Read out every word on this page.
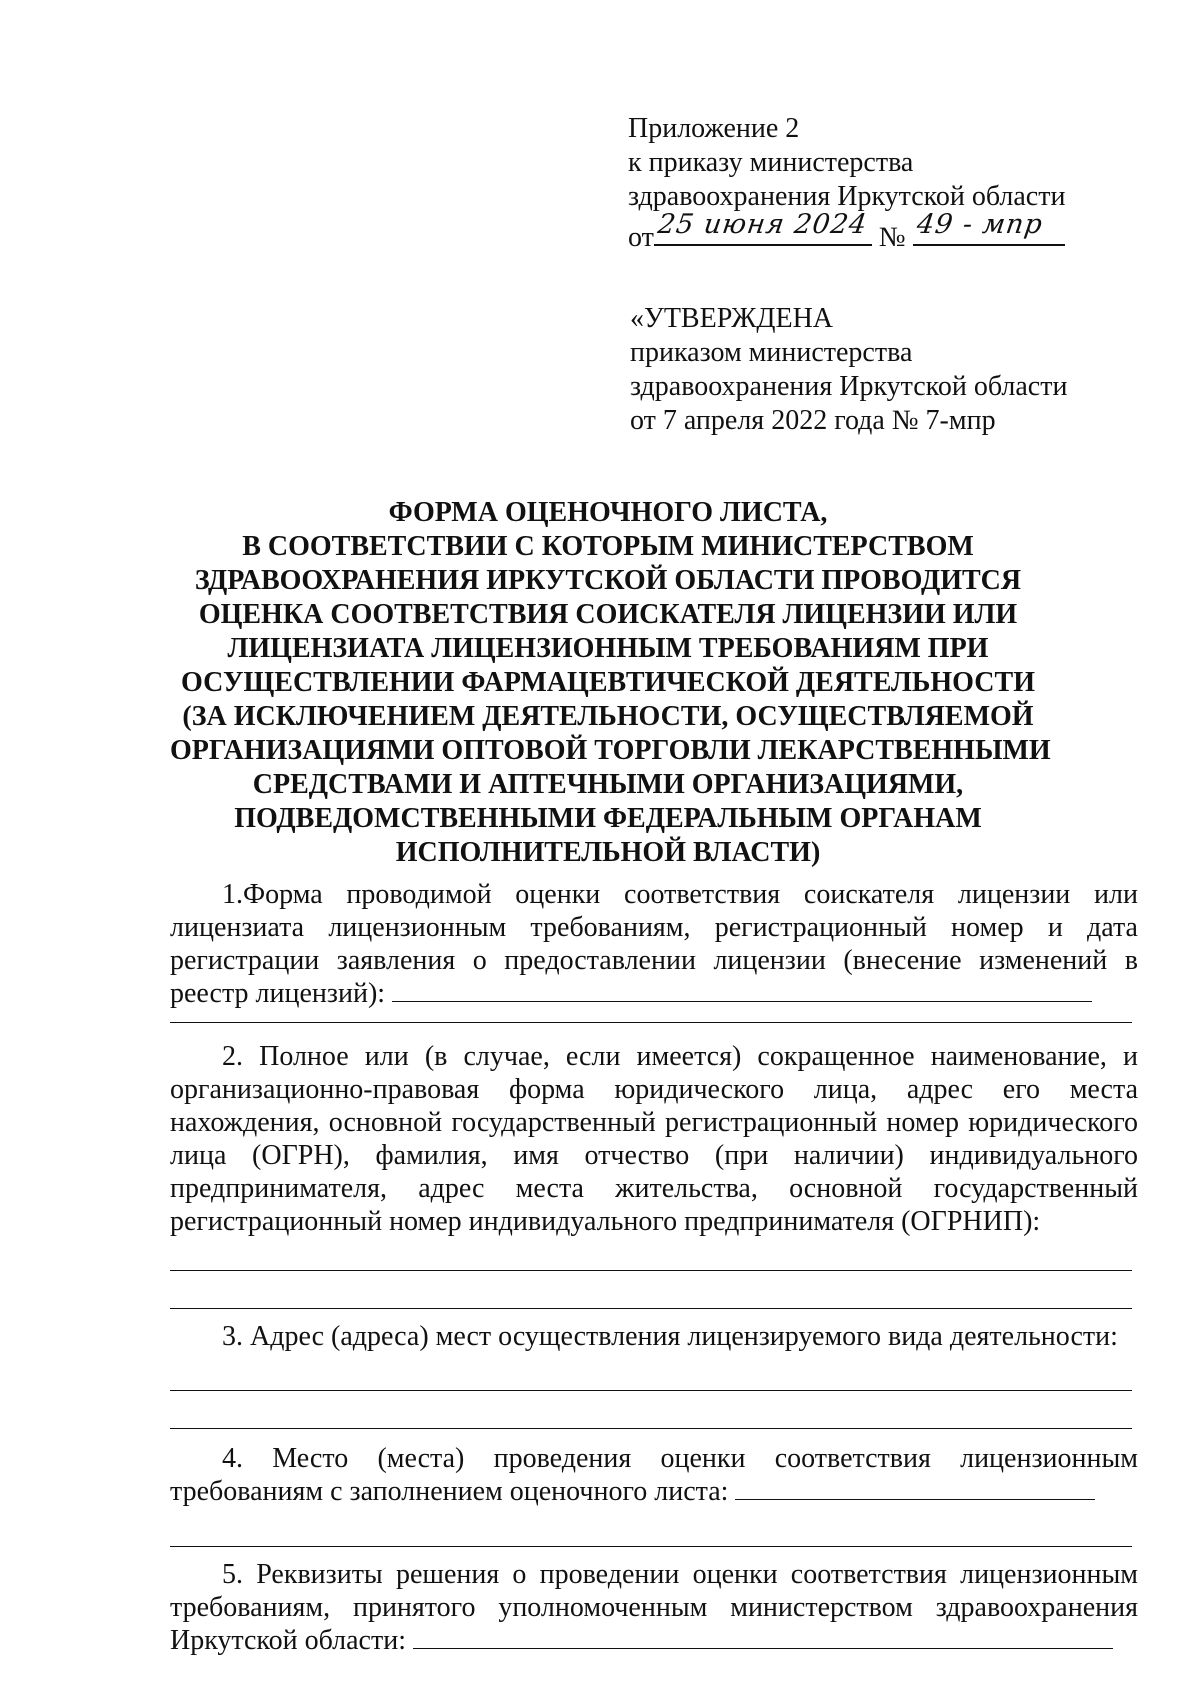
Приложение 2
к приказу министерства
здравоохранения Иркутской области
от 25 июня 2024 № 49 - мпр
«УТВЕРЖДЕНА
приказом министерства
здравоохранения Иркутской области
от 7 апреля 2022 года № 7-мпр
ФОРМА ОЦЕНОЧНОГО ЛИСТА,
В СООТВЕТСТВИИ С КОТОРЫМ МИНИСТЕРСТВОМ
ЗДРАВООХРАНЕНИЯ ИРКУТСКОЙ ОБЛАСТИ ПРОВОДИТСЯ
ОЦЕНКА СООТВЕТСТВИЯ СОИСКАТЕЛЯ ЛИЦЕНЗИИ ИЛИ
ЛИЦЕНЗИАТА ЛИЦЕНЗИОННЫМ ТРЕБОВАНИЯМ ПРИ
ОСУЩЕСТВЛЕНИИ ФАРМАЦЕВТИЧЕСКОЙ ДЕЯТЕЛЬНОСТИ
(ЗА ИСКЛЮЧЕНИЕМ ДЕЯТЕЛЬНОСТИ, ОСУЩЕСТВЛЯЕМОЙ
ОРГАНИЗАЦИЯМИ ОПТОВОЙ ТОРГОВЛИ ЛЕКАРСТВЕННЫМИ
СРЕДСТВАМИ И АПТЕЧНЫМИ ОРГАНИЗАЦИЯМИ,
ПОДВЕДОМСТВЕННЫМИ ФЕДЕРАЛЬНЫМ ОРГАНАМ
ИСПОЛНИТЕЛЬНОЙ ВЛАСТИ)
1.Форма проводимой оценки соответствия соискателя лицензии или лицензиата лицензионным требованиям, регистрационный номер и дата регистрации заявления о предоставлении лицензии (внесение изменений в реестр лицензий):
2. Полное или (в случае, если имеется) сокращенное наименование, и организационно-правовая форма юридического лица, адрес его места нахождения, основной государственный регистрационный номер юридического лица (ОГРН), фамилия, имя отчество (при наличии) индивидуального предпринимателя, адрес места жительства, основной государственный регистрационный номер индивидуального предпринимателя (ОГРНИП):
3. Адрес (адреса) мест осуществления лицензируемого вида деятельности:
4. Место (места) проведения оценки соответствия лицензионным требованиям с заполнением оценочного листа:
5. Реквизиты решения о проведении оценки соответствия лицензионным требованиям, принятого уполномоченным министерством здравоохранения Иркутской области:
